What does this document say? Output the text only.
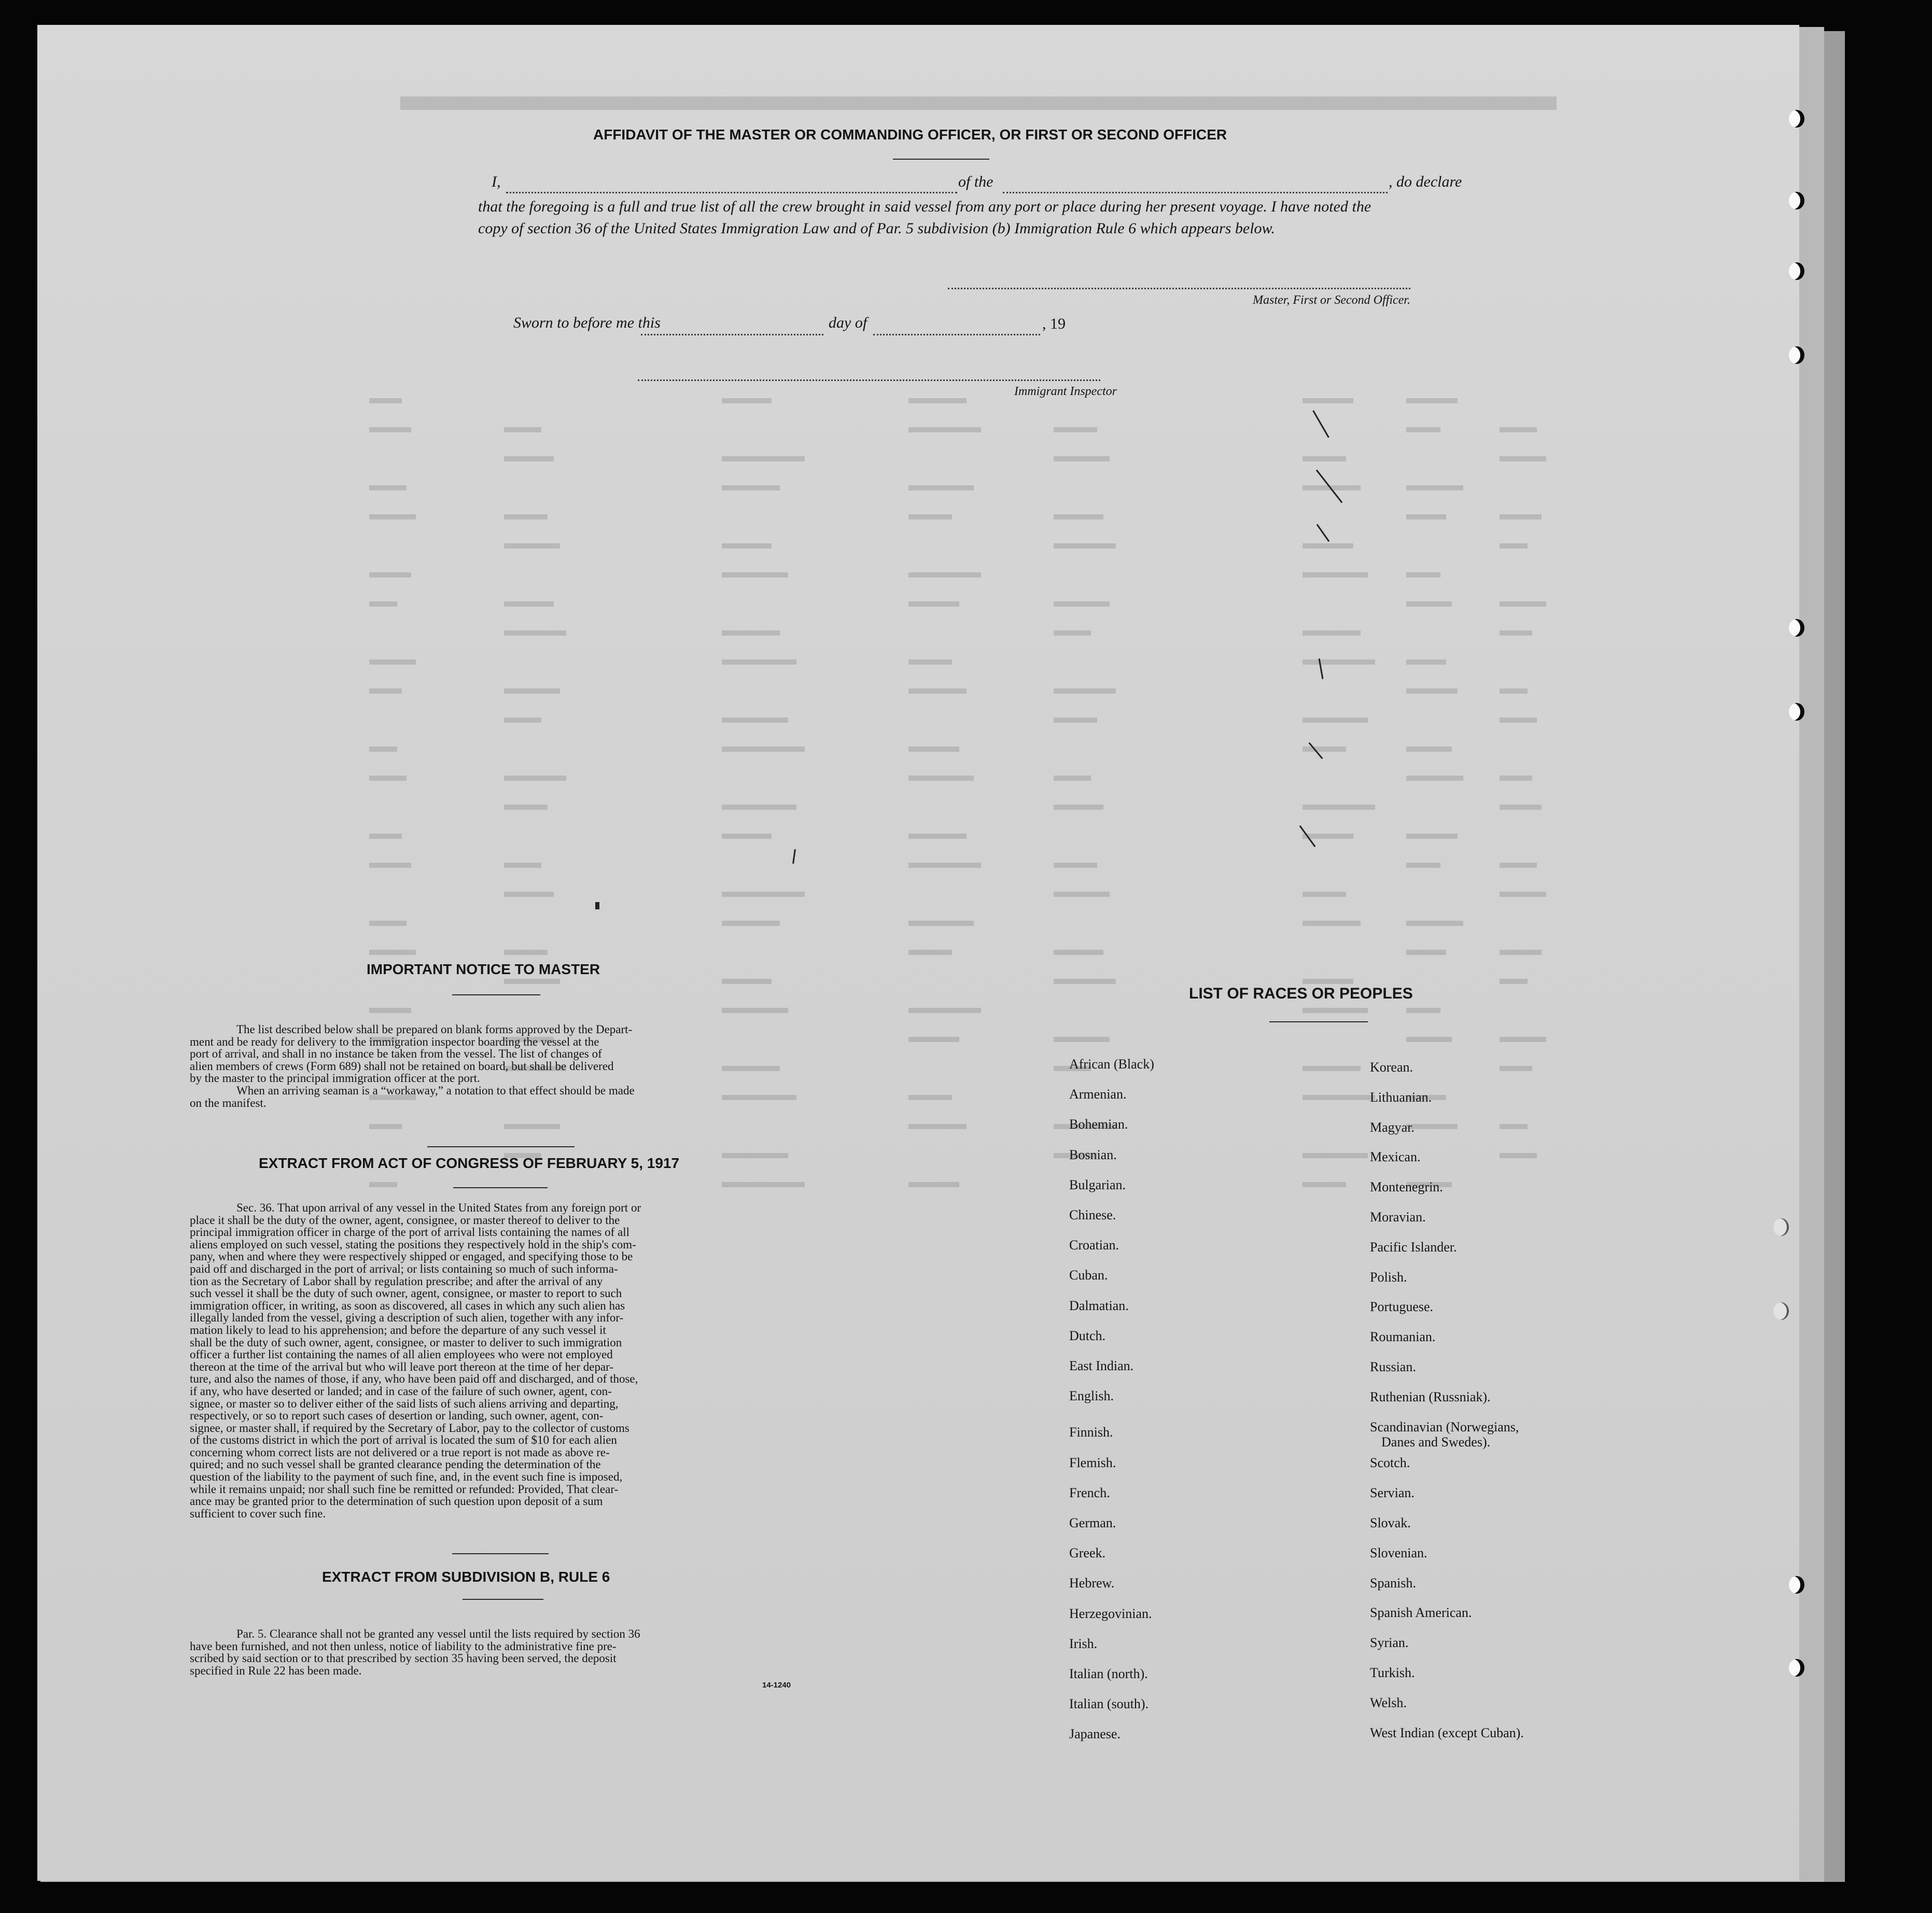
AFFIDAVIT OF THE MASTER OR COMMANDING OFFICER, OR FIRST OR SECOND OFFICER
I,	of the	, do declare
that the foregoing is a full and true list of all the crew brought in said vessel from any port or place during her present voyage. I have noted the
copy of section 36 of the United States Immigration Law and of Par. 5 subdivision (b) Immigration Rule 6 which appears below.
Master, First or Second Officer.
Sworn to before me this	day of	, 19
Immigrant Inspector
IMPORTANT NOTICE TO MASTER
The list described below shall be prepared on blank forms approved by the Depart-
ment and be ready for delivery to the immigration inspector boarding the vessel at the
port of arrival, and shall in no instance be taken from the vessel. The list of changes of
alien members of crews (Form 689) shall not be retained on board, but shall be delivered
by the master to the principal immigration officer at the port.
When an arriving seaman is a “workaway,” a notation to that effect should be made
on the manifest.
EXTRACT FROM ACT OF CONGRESS OF FEBRUARY 5, 1917
Sec. 36. That upon arrival of any vessel in the United States from any foreign port or
place it shall be the duty of the owner, agent, consignee, or master thereof to deliver to the
principal immigration officer in charge of the port of arrival lists containing the names of all
aliens employed on such vessel, stating the positions they respectively hold in the ship's com-
pany, when and where they were respectively shipped or engaged, and specifying those to be
paid off and discharged in the port of arrival; or lists containing so much of such informa-
tion as the Secretary of Labor shall by regulation prescribe; and after the arrival of any
such vessel it shall be the duty of such owner, agent, consignee, or master to report to such
immigration officer, in writing, as soon as discovered, all cases in which any such alien has
illegally landed from the vessel, giving a description of such alien, together with any infor-
mation likely to lead to his apprehension; and before the departure of any such vessel it
shall be the duty of such owner, agent, consignee, or master to deliver to such immigration
officer a further list containing the names of all alien employees who were not employed
thereon at the time of the arrival but who will leave port thereon at the time of her depar-
ture, and also the names of those, if any, who have been paid off and discharged, and of those,
if any, who have deserted or landed; and in case of the failure of such owner, agent, con-
signee, or master so to deliver either of the said lists of such aliens arriving and departing,
respectively, or so to report such cases of desertion or landing, such owner, agent, con-
signee, or master shall, if required by the Secretary of Labor, pay to the collector of customs
of the customs district in which the port of arrival is located the sum of $10 for each alien
concerning whom correct lists are not delivered or a true report is not made as above re-
quired; and no such vessel shall be granted clearance pending the determination of the
question of the liability to the payment of such fine, and, in the event such fine is imposed,
while it remains unpaid; nor shall such fine be remitted or refunded: Provided, That clear-
ance may be granted prior to the determination of such question upon deposit of a sum
sufficient to cover such fine.
EXTRACT FROM SUBDIVISION B, RULE 6
Par. 5. Clearance shall not be granted any vessel until the lists required by section 36
have been furnished, and not then unless, notice of liability to the administrative fine pre-
scribed by said section or to that prescribed by section 35 having been served, the deposit
specified in Rule 22 has been made.
14-1240
LIST OF RACES OR PEOPLES
African (Black)
Armenian.
Bohemian.
Bosnian.
Bulgarian.
Chinese.
Croatian.
Cuban.
Dalmatian.
Dutch.
East Indian.
English.
Finnish.
Flemish.
French.
German.
Greek.
Hebrew.
Herzegovinian.
Irish.
Italian (north).
Italian (south).
Japanese.
Korean.
Lithuanian.
Magyar.
Mexican.
Montenegrin.
Moravian.
Pacific Islander.
Polish.
Portuguese.
Roumanian.
Russian.
Ruthenian (Russniak).
Scandinavian (Norwegians,
Danes and Swedes).
Scotch.
Servian.
Slovak.
Slovenian.
Spanish.
Spanish American.
Syrian.
Turkish.
Welsh.
West Indian (except Cuban).
